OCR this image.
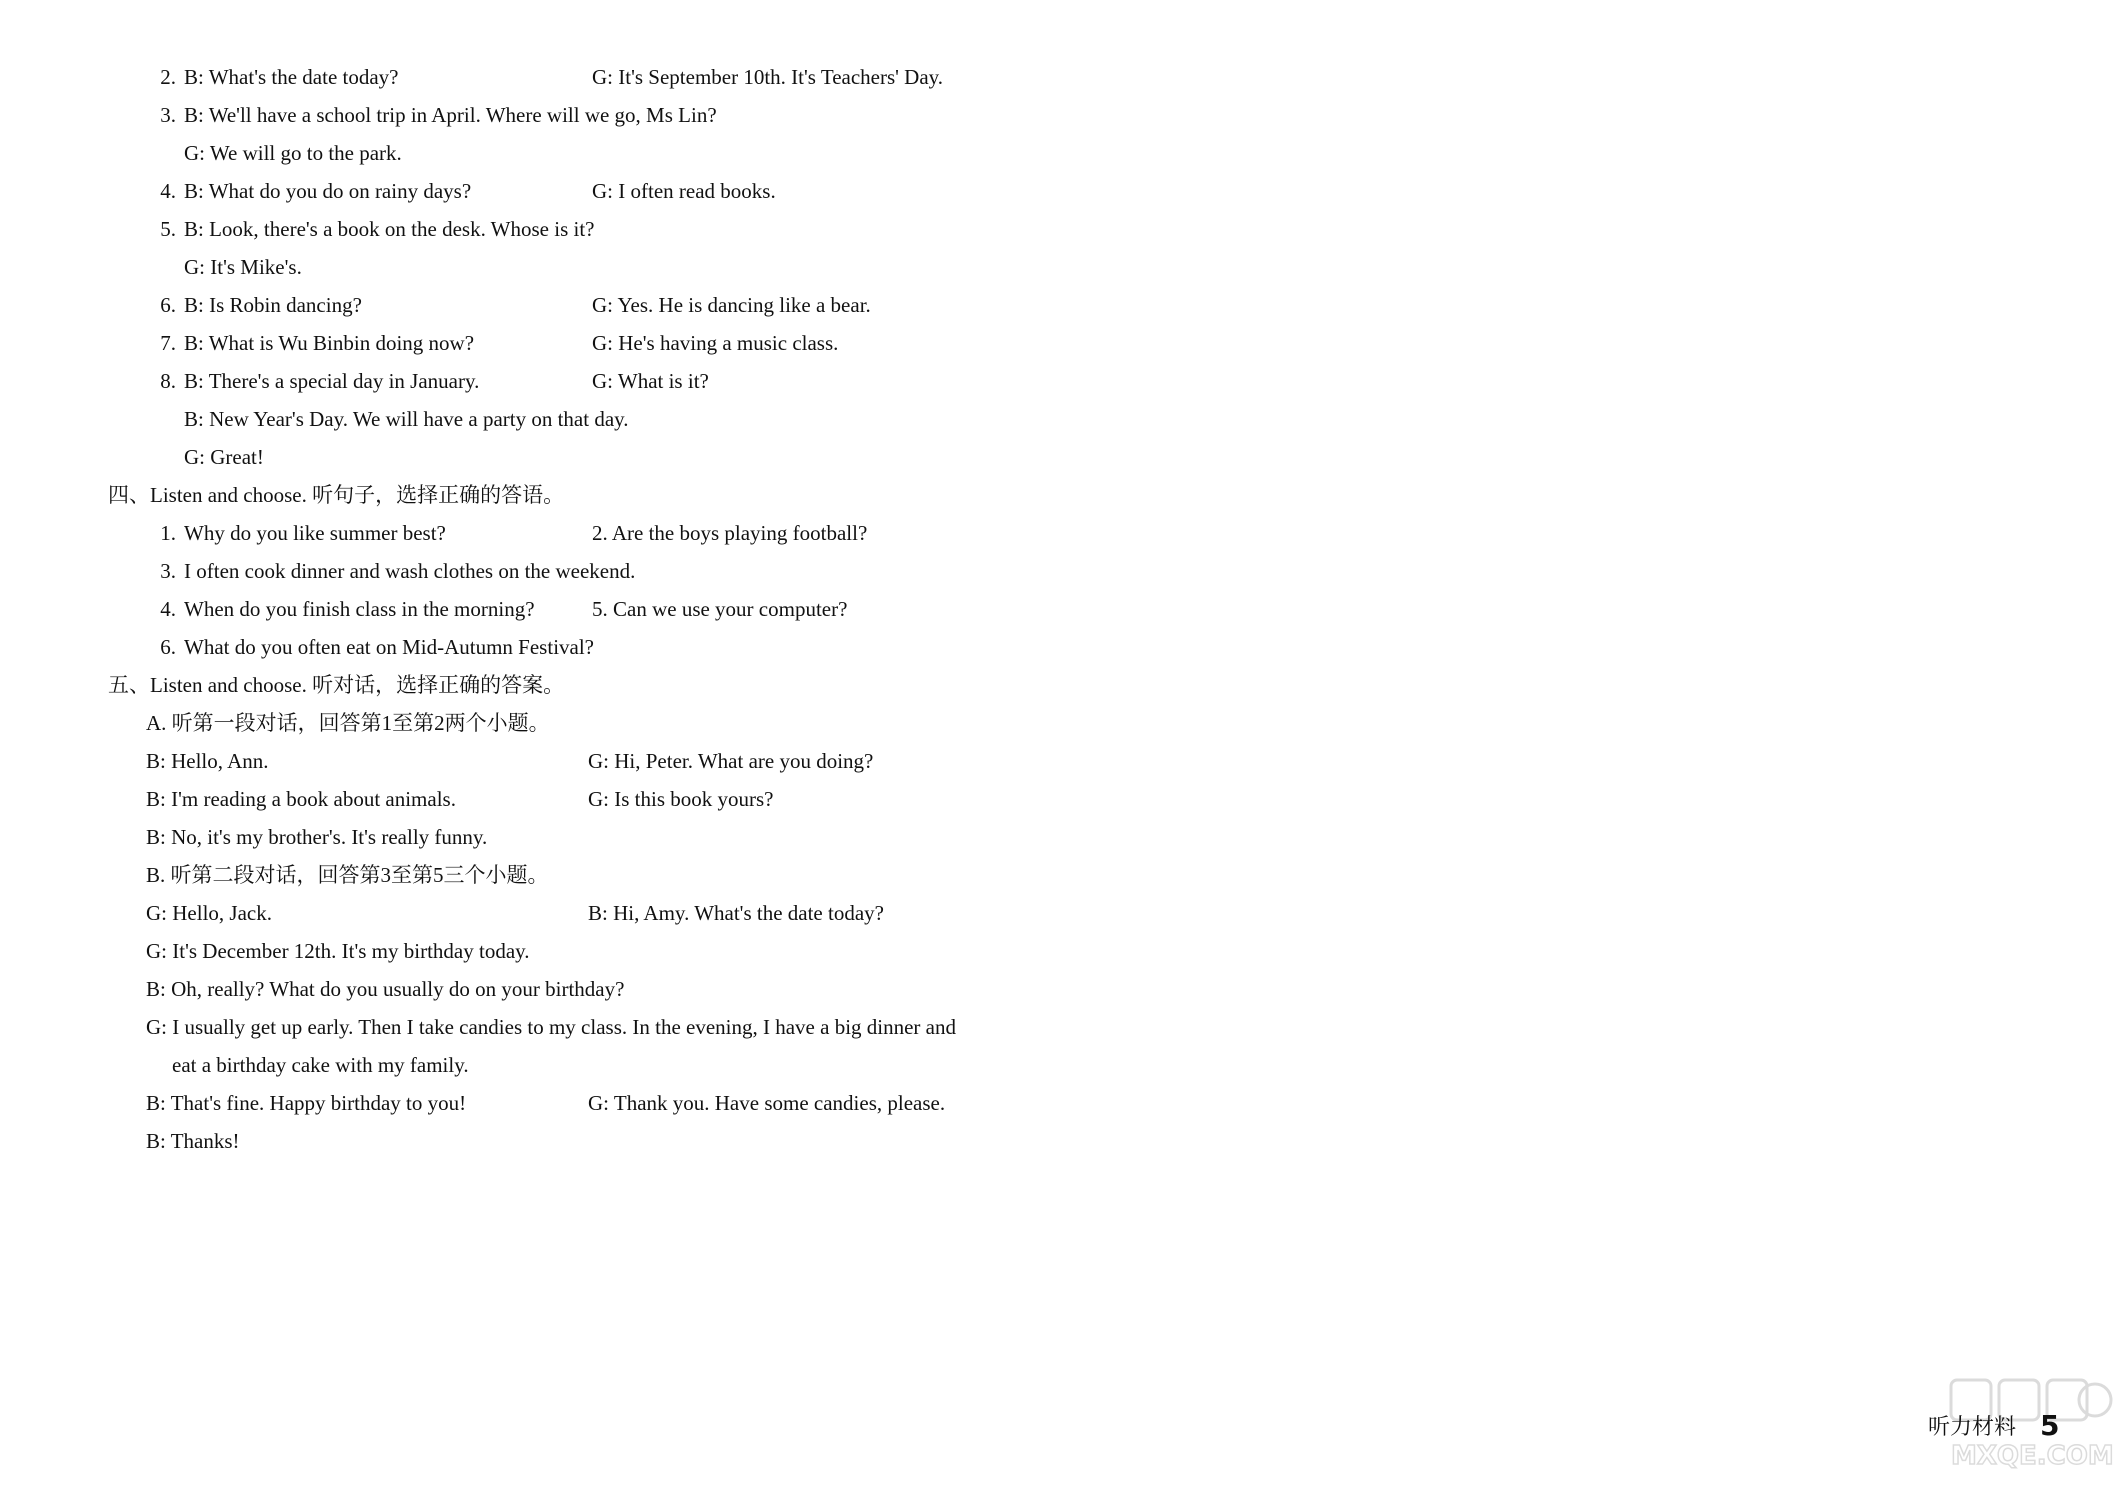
2. B: What's the date today?	G: It's September 10th. It's Teachers' Day.
3. B: We'll have a school trip in April. Where will we go, Ms Lin?
G: We will go to the park.
4. B: What do you do on rainy days?	G: I often read books.
5. B: Look, there's a book on the desk. Whose is it?
G: It's Mike's.
6. B: Is Robin dancing?	G: Yes. He is dancing like a bear.
7. B: What is Wu Binbin doing now?	G: He's having a music class.
8. B: There's a special day in January.	G: What is it?
B: New Year's Day. We will have a party on that day.
G: Great!
四、Listen and choose. 听句子，选择正确的答语。
1. Why do you like summer best?	2. Are the boys playing football?
3. I often cook dinner and wash clothes on the weekend.
4. When do you finish class in the morning?	5. Can we use your computer?
6. What do you often eat on Mid-Autumn Festival?
五、Listen and choose. 听对话，选择正确的答案。
A. 听第一段对话，回答第1至第2两个小题。
B: Hello, Ann.	G: Hi, Peter. What are you doing?
B: I'm reading a book about animals.	G: Is this book yours?
B: No, it's my brother's. It's really funny.
B. 听第二段对话，回答第3至第5三个小题。
G: Hello, Jack.	B: Hi, Amy. What's the date today?
G: It's December 12th. It's my birthday today.
B: Oh, really? What do you usually do on your birthday?
G: I usually get up early. Then I take candies to my class. In the evening, I have a big dinner and
eat a birthday cake with my family.
B: That's fine. Happy birthday to you!	G: Thank you. Have some candies, please.
B: Thanks!
MXQE.COM
听力材料 5
